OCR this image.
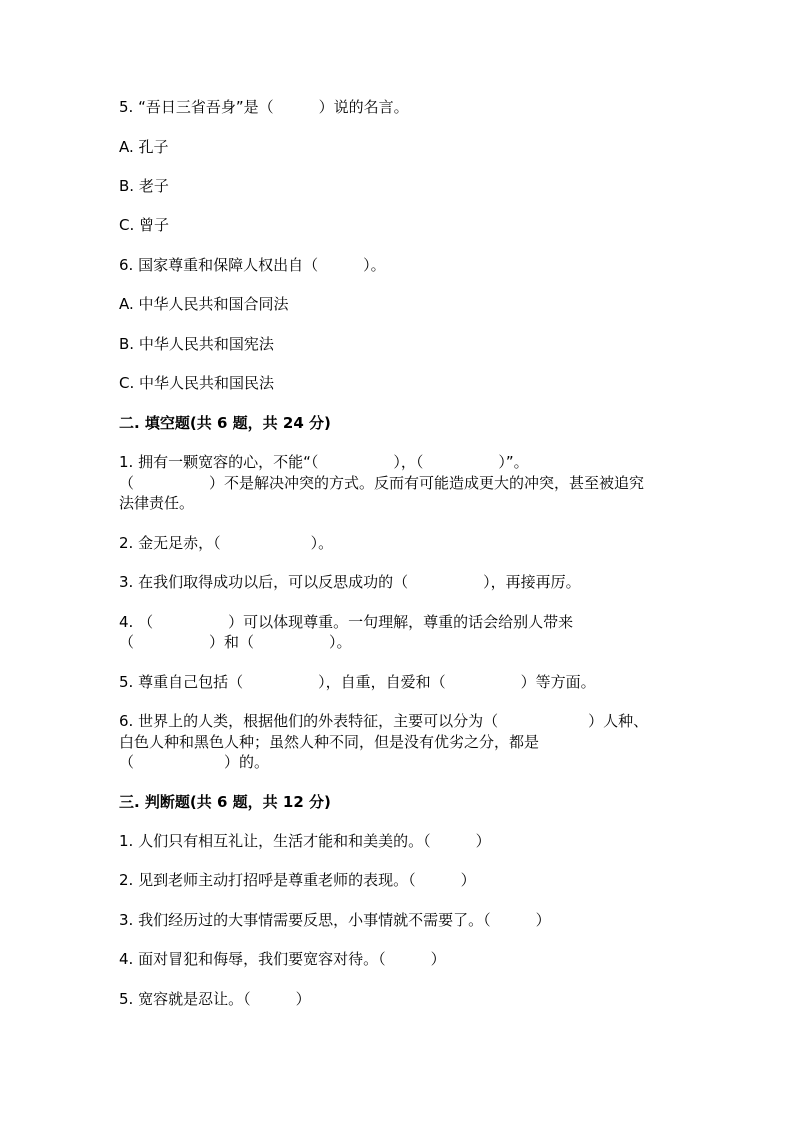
5. “吾日三省吾身”是（　　　）说的名言。
A. 孔子
B. 老子
C. 曾子
6. 国家尊重和保障人权出自（　　　）。
A. 中华人民共和国合同法
B. 中华人民共和国宪法
C. 中华人民共和国民法
二. 填空题(共 6 题，共 24 分)
1. 拥有一颗宽容的心，不能“（　　　　　），（　　　　　）”。
（　　　　　）不是解决冲突的方式。反而有可能造成更大的冲突，甚至被追究
法律责任。
2. 金无足赤，（　　　　　　）。
3. 在我们取得成功以后，可以反思成功的（　　　　　），再接再厉。
4. （　　　　　）可以体现尊重。一句理解，尊重的话会给别人带来
（　　　　　）和（　　　　　）。
5. 尊重自己包括（　　　　　），自重，自爱和（　　　　　）等方面。
6. 世界上的人类，根据他们的外表特征，主要可以分为（　　　　　　）人种、
白色人种和黑色人种；虽然人种不同，但是没有优劣之分，都是
（　　　　　　）的。
三. 判断题(共 6 题，共 12 分)
1. 人们只有相互礼让，生活才能和和美美的。（　　　）
2. 见到老师主动打招呼是尊重老师的表现。（　　　）
3. 我们经历过的大事情需要反思，小事情就不需要了。（　　　）
4. 面对冒犯和侮辱，我们要宽容对待。（　　　）
5. 宽容就是忍让。（　　　）
